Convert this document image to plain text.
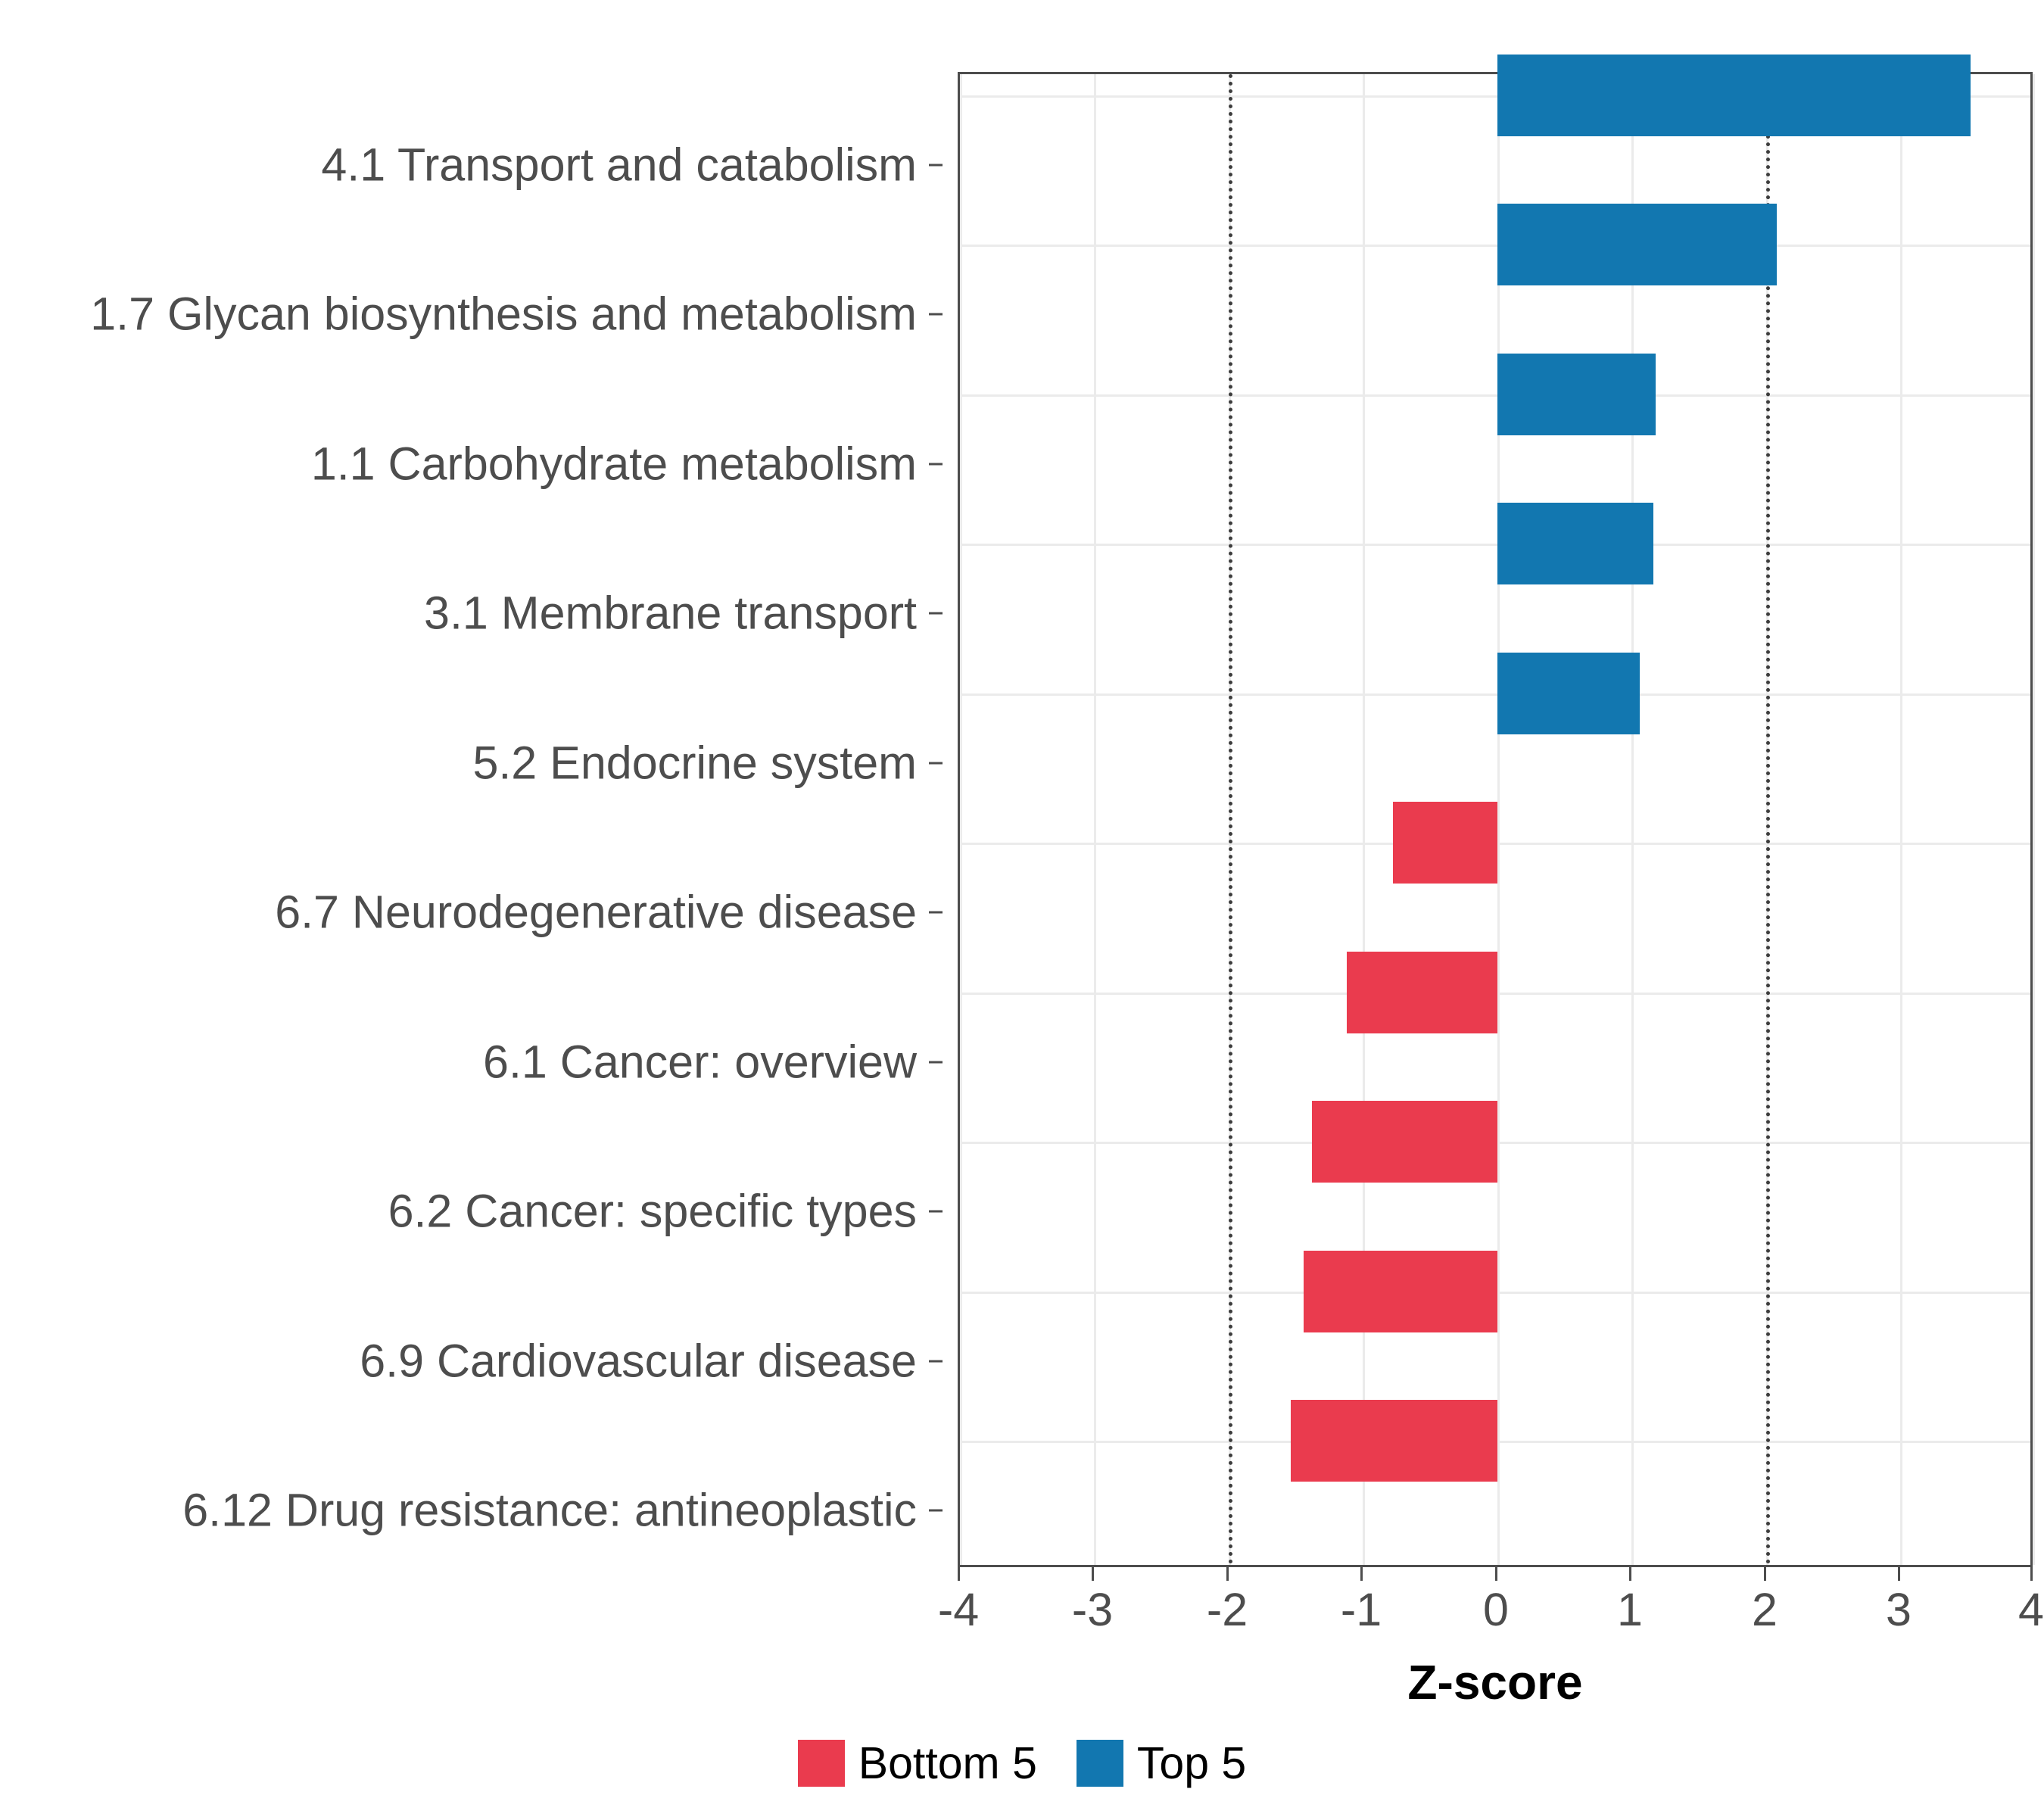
4.1 Transport and catabolism
1.7 Glycan biosynthesis and metabolism
1.1 Carbohydrate metabolism
3.1 Membrane transport
5.2 Endocrine system
6.7 Neurodegenerative disease
6.1 Cancer: overview
6.2 Cancer: specific types
6.9 Cardiovascular disease
6.12 Drug resistance: antineoplastic
-4 -3 -2 -1 0 1 2 3 4
Z-score
Bottom 5 Top 5
